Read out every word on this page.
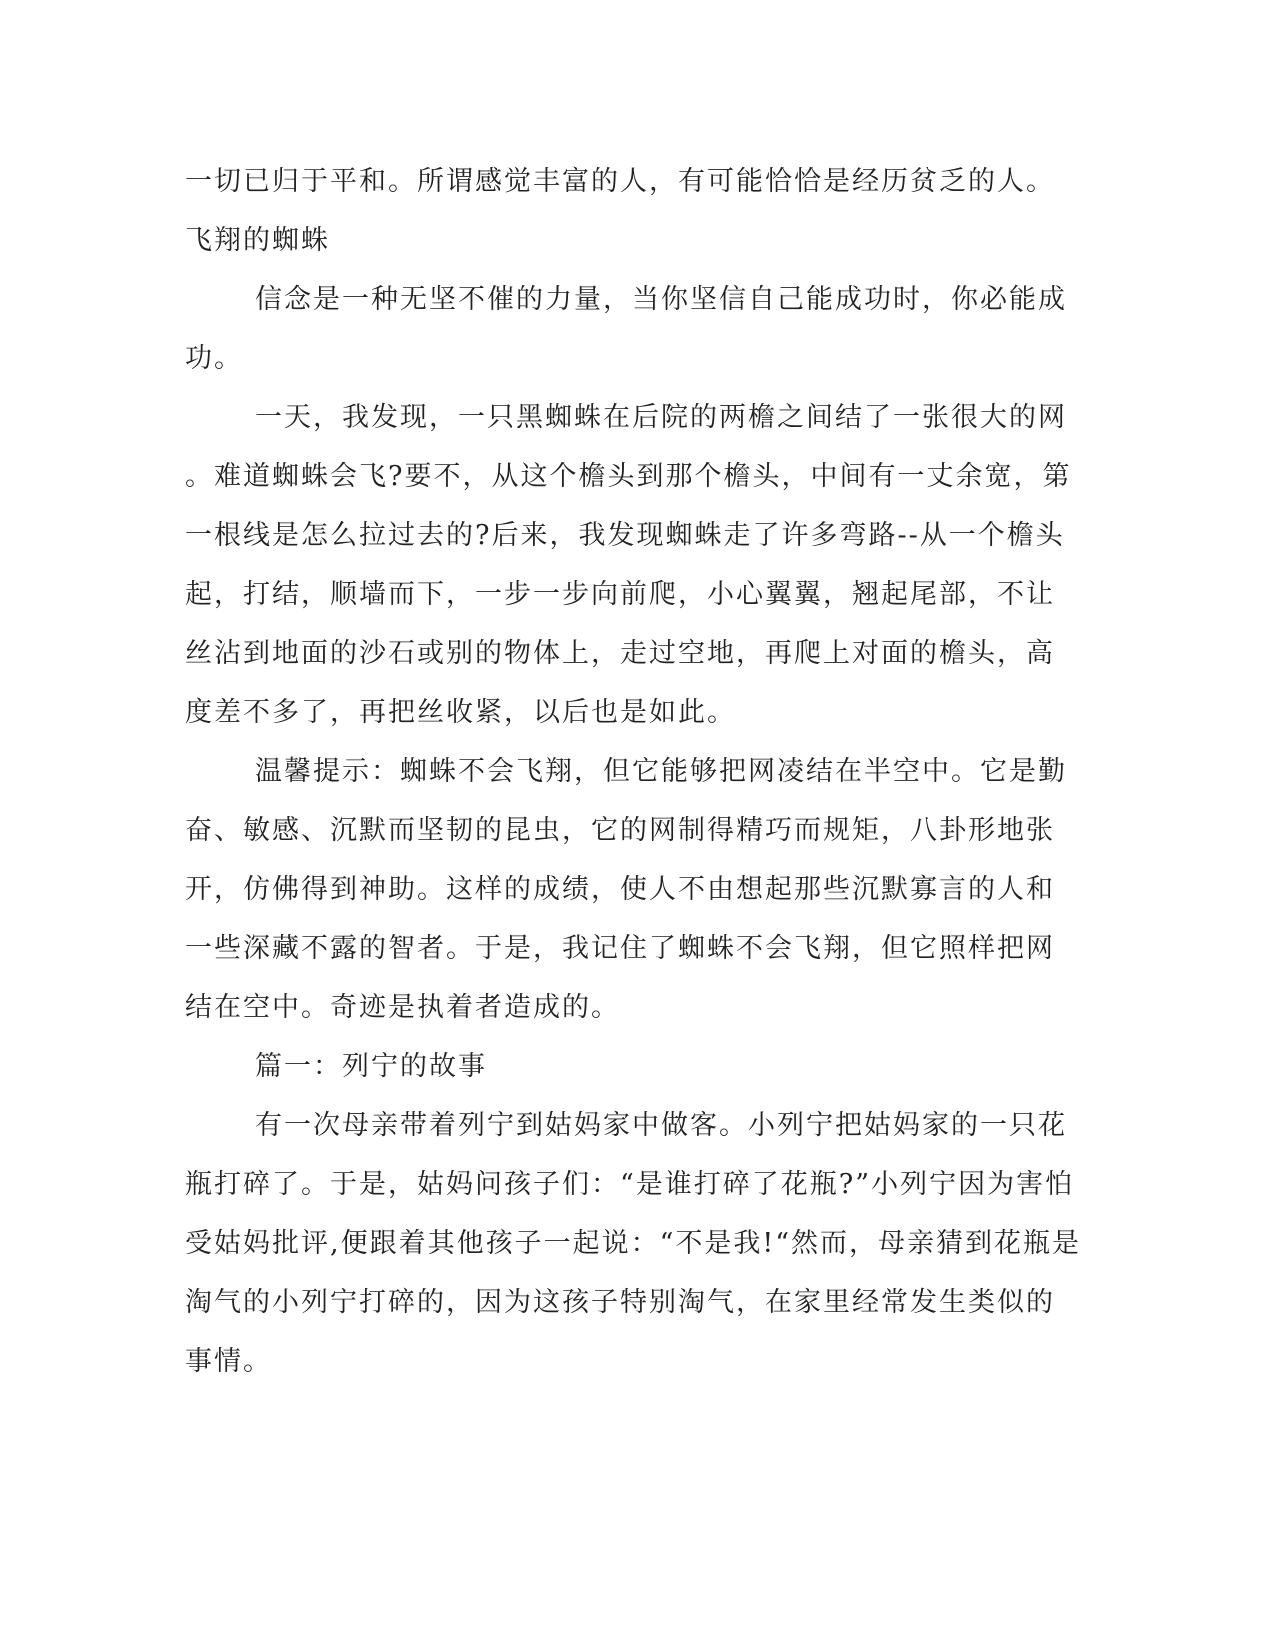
一切已归于平和。所谓感觉丰富的人，有可能恰恰是经历贫乏的人。
飞翔的蜘蛛
信念是一种无坚不催的力量，当你坚信自己能成功时，你必能成
功。
一天，我发现，一只黑蜘蛛在后院的两檐之间结了一张很大的网
。难道蜘蛛会飞?要不，从这个檐头到那个檐头，中间有一丈余宽，第
一根线是怎么拉过去的?后来，我发现蜘蛛走了许多弯路--从一个檐头
起，打结，顺墙而下，一步一步向前爬，小心翼翼，翘起尾部，不让
丝沾到地面的沙石或别的物体上，走过空地，再爬上对面的檐头，高
度差不多了，再把丝收紧，以后也是如此。
温馨提示：蜘蛛不会飞翔，但它能够把网凌结在半空中。它是勤
奋、敏感、沉默而坚韧的昆虫，它的网制得精巧而规矩，八卦形地张
开，仿佛得到神助。这样的成绩，使人不由想起那些沉默寡言的人和
一些深藏不露的智者。于是，我记住了蜘蛛不会飞翔，但它照样把网
结在空中。奇迹是执着者造成的。
篇一：列宁的故事
有一次母亲带着列宁到姑妈家中做客。小列宁把姑妈家的一只花
瓶打碎了。于是，姑妈问孩子们：“是谁打碎了花瓶?”小列宁因为害怕
受姑妈批评,便跟着其他孩子一起说：“不是我!“然而，母亲猜到花瓶是
淘气的小列宁打碎的，因为这孩子特别淘气，在家里经常发生类似的
事情。
